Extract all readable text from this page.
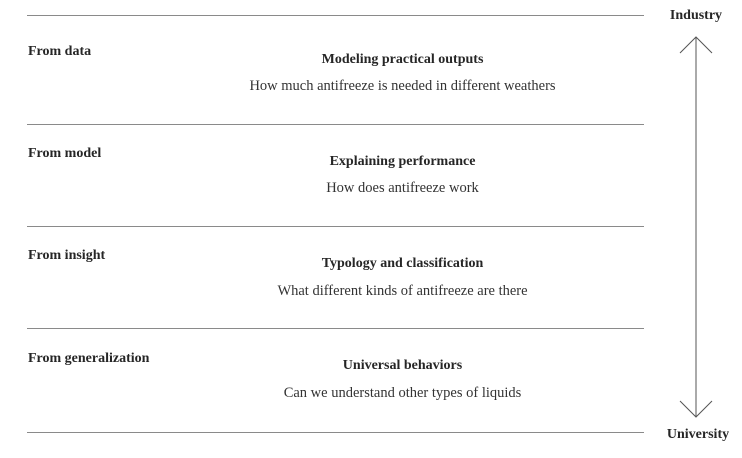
From data
Modeling practical outputs
How much antifreeze is needed in different weathers
From model
Explaining performance
How does antifreeze work
From insight
Typology and classification
What different kinds of antifreeze are there
From generalization	Universal behaviors
Can we understand other types of liquids
Industry
University
